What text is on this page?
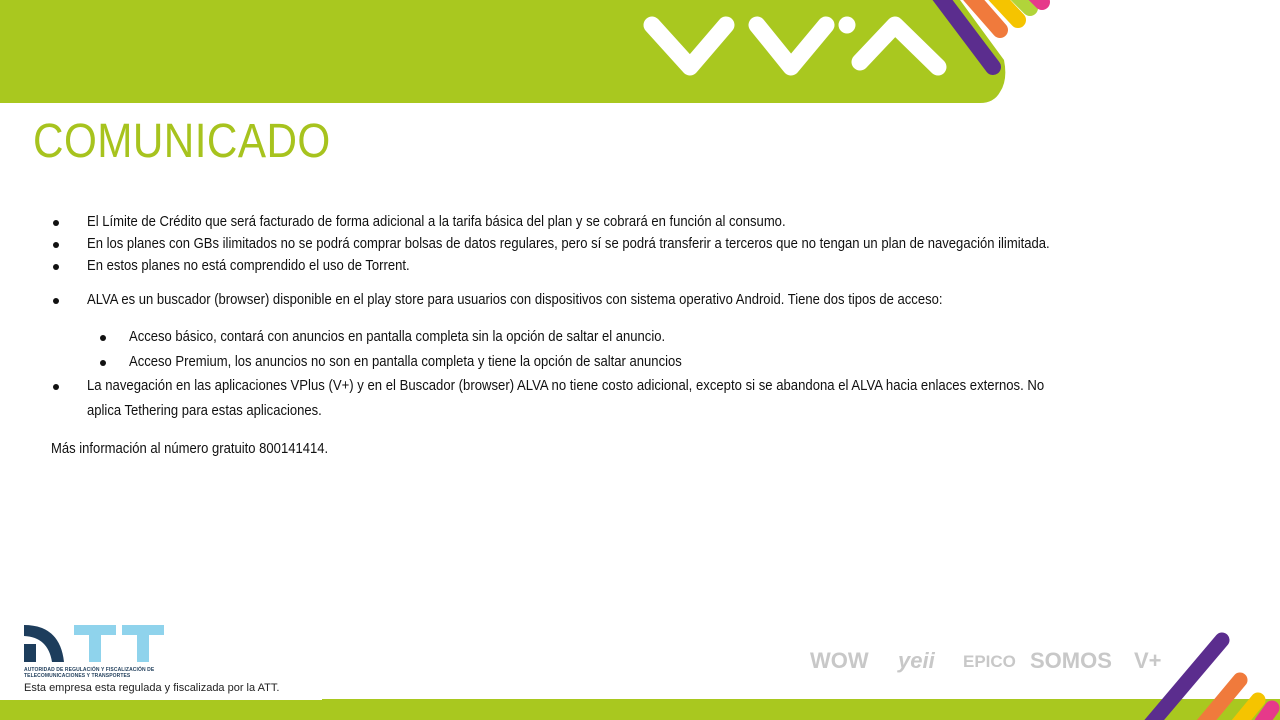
COMUNICADO
El Límite de Crédito que será facturado de forma adicional a la tarifa básica del plan y se cobrará en función al consumo.
En los planes con GBs ilimitados no se podrá comprar bolsas de datos regulares, pero sí se podrá transferir a terceros que no tengan un plan de navegación ilimitada.
En estos planes no está comprendido el uso de Torrent.
ALVA es un buscador (browser) disponible en el play store para usuarios con dispositivos con sistema operativo Android. Tiene dos tipos de acceso:
Acceso básico, contará con anuncios en pantalla completa sin la opción de saltar el anuncio.
Acceso Premium, los anuncios no son en pantalla completa y tiene la opción de saltar anuncios
La navegación en las aplicaciones VPlus (V+) y en el Buscador (browser) ALVA no tiene costo adicional, excepto si se abandona el ALVA hacia enlaces externos. No
aplica Tethering para estas aplicaciones.
Más información al número gratuito 800141414.
AUTORIDAD DE REGULACIÓN Y FISCALIZACIÓN DE TELECOMUNICACIONES Y TRANSPORTES
Esta empresa esta regulada y fiscalizada por la ATT.
WOW yeii EPICO SOMOS V+
